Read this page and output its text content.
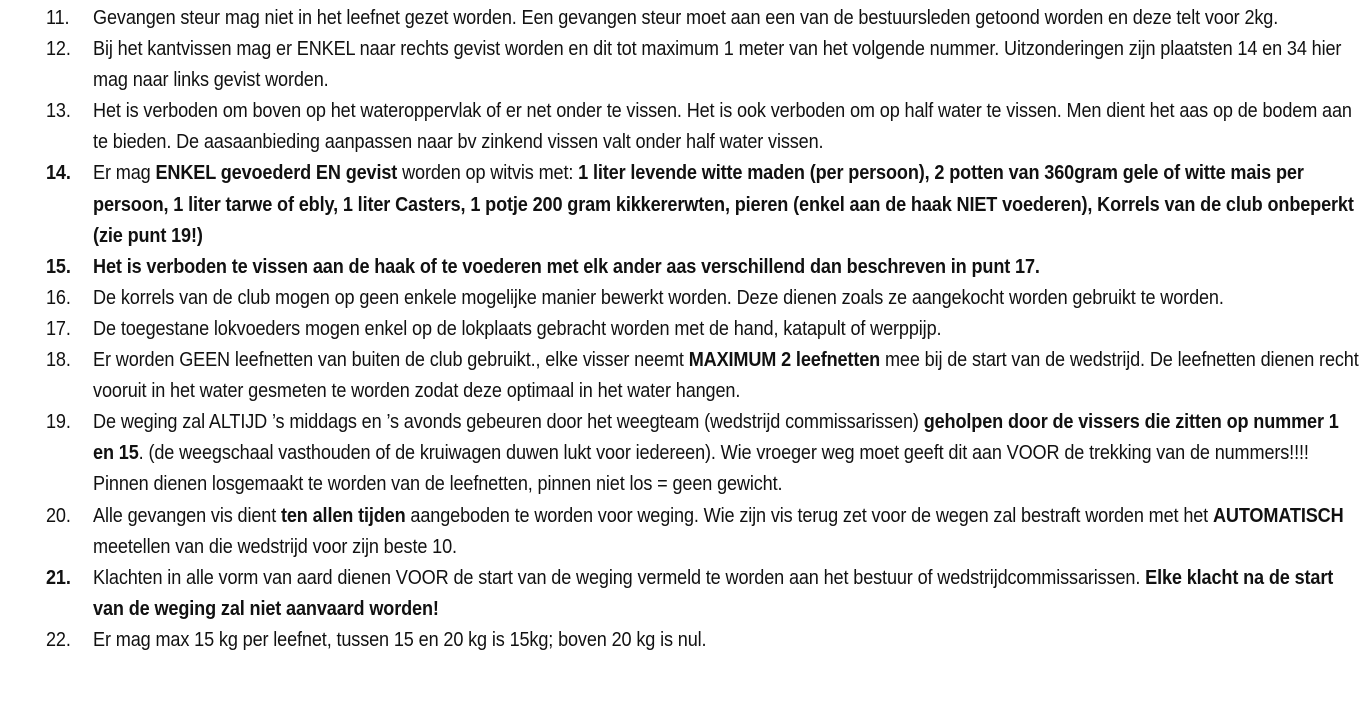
11.	Gevangen steur mag niet in het leefnet gezet worden. Een gevangen steur moet aan een van de bestuursleden getoond worden en deze telt voor 2kg.
12.	Bij het kantvissen mag er ENKEL naar rechts gevist worden en dit tot maximum 1 meter van het volgende nummer. Uitzonderingen zijn plaatsten 14 en 34 hier mag naar links gevist worden.
13.	Het is verboden om boven op het wateroppervlak of er net onder te vissen. Het is ook verboden om op half water te vissen. Men dient het aas op de bodem aan te bieden. De aasaanbieding aanpassen naar bv zinkend vissen valt onder half water vissen.
14.	Er mag ENKEL gevoederd EN gevist worden op witvis met: 1 liter levende witte maden (per persoon), 2 potten van 360gram gele of witte mais per persoon, 1 liter tarwe of ebly, 1 liter Casters, 1 potje 200 gram kikkererwten, pieren (enkel aan de haak NIET voederen), Korrels van de club onbeperkt (zie punt 19!)
15.	Het is verboden te vissen aan de haak of te voederen met elk ander aas verschillend dan beschreven in punt 17.
16.	De korrels van de club mogen op geen enkele mogelijke manier bewerkt worden. Deze dienen zoals ze aangekocht worden gebruikt te worden.
17.	De toegestane lokvoeders mogen enkel op de lokplaats gebracht worden met de hand, katapult of werppijp.
18.	Er worden GEEN leefnetten van buiten de club gebruikt., elke visser neemt MAXIMUM 2 leefnetten mee bij de start van de wedstrijd. De leefnetten dienen recht vooruit in het water gesmeten te worden zodat deze optimaal in het water hangen.
19.	De weging zal ALTIJD ’s middags en ’s avonds gebeuren door het weegteam (wedstrijd commissarissen) geholpen door de vissers die zitten op nummer 1 en 15. (de weegschaal vasthouden of de kruiwagen duwen lukt voor iedereen). Wie vroeger weg moet geeft dit aan VOOR de trekking van de nummers!!!! Pinnen dienen losgemaakt te worden van de leefnetten, pinnen niet los = geen gewicht.
20.	Alle gevangen vis dient ten allen tijden aangeboden te worden voor weging. Wie zijn vis terug zet voor de wegen zal bestraft worden met het AUTOMATISCH meetellen van die wedstrijd voor zijn beste 10.
21.	Klachten in alle vorm van aard dienen VOOR de start van de weging vermeld te worden aan het bestuur of wedstrijdcommissarissen. Elke klacht na de start van de weging zal niet aanvaard worden!
22.	Er mag max 15 kg per leefnet, tussen 15 en 20 kg is 15kg; boven 20 kg is nul.
